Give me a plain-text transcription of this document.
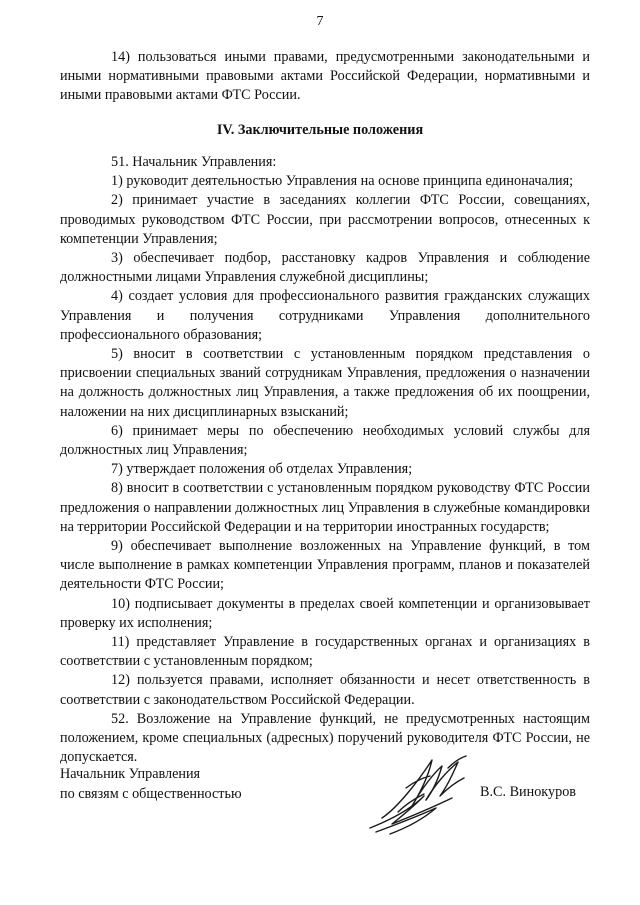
7

14) пользоваться иными правами, предусмотренными законодательными и иными нормативными правовыми актами Российской Федерации, нормативными и иными правовыми актами ФТС России.

IV. Заключительные положения

51. Начальник Управления:

1) руководит деятельностью Управления на основе принципа единоначалия;

2) принимает участие в заседаниях коллегии ФТС России, совещаниях, проводимых руководством ФТС России, при рассмотрении вопросов, отнесенных к компетенции Управления;

3) обеспечивает подбор, расстановку кадров Управления и соблюдение должностными лицами Управления служебной дисциплины;

4) создает условия для профессионального развития гражданских служащих Управления и получения сотрудниками Управления дополнительного профессионального образования;

5) вносит в соответствии с установленным порядком представления о присвоении специальных званий сотрудникам Управления, предложения о назначении на должность должностных лиц Управления, а также предложения об их поощрении, наложении на них дисциплинарных взысканий;

6) принимает меры по обеспечению необходимых условий службы для должностных лиц Управления;

7) утверждает положения об отделах Управления;

8) вносит в соответствии с установленным порядком руководству ФТС России предложения о направлении должностных лиц Управления в служебные командировки на территории Российской Федерации и на территории иностранных государств;

9) обеспечивает выполнение возложенных на Управление функций, в том числе выполнение в рамках компетенции Управления программ, планов и показателей деятельности ФТС России;

10) подписывает документы в пределах своей компетенции и организовывает проверку их исполнения;

11) представляет Управление в государственных органах и организациях в соответствии с установленным порядком;

12) пользуется правами, исполняет обязанности и несет ответственность в соответствии с законодательством Российской Федерации.

52. Возложение на Управление функций, не предусмотренных настоящим положением, кроме специальных (адресных) поручений руководителя ФТС России, не допускается.

Начальник Управления
по связям с общественностью	В.С. Винокуров
